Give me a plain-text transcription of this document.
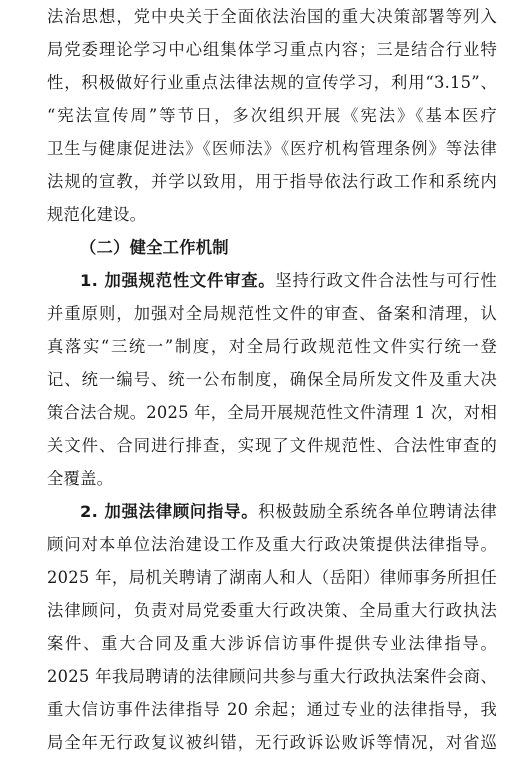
法治思想，党中央关于全面依法治国的重大决策部署等列入
局党委理论学习中心组集体学习重点内容；三是结合行业特
性，积极做好行业重点法律法规的宣传学习，利用“3.15”、
“宪法宣传周”等节日，多次组织开展《宪法》《基本医疗
卫生与健康促进法》《医师法》《医疗机构管理条例》等法律
法规的宣教，并学以致用，用于指导依法行政工作和系统内
规范化建设。
（二）健全工作机制
1. 加强规范性文件审查。坚持行政文件合法性与可行性
并重原则，加强对全局规范性文件的审查、备案和清理，认
真落实“三统一”制度，对全局行政规范性文件实行统一登
记、统一编号、统一公布制度，确保全局所发文件及重大决
策合法合规。2025 年，全局开展规范性文件清理 1 次，对相
关文件、合同进行排查，实现了文件规范性、合法性审查的
全覆盖。
2. 加强法律顾问指导。积极鼓励全系统各单位聘请法律
顾问对本单位法治建设工作及重大行政决策提供法律指导。
2025 年，局机关聘请了湖南人和人（岳阳）律师事务所担任
法律顾问，负责对局党委重大行政决策、全局重大行政执法
案件、重大合同及重大涉诉信访事件提供专业法律指导。
2025 年我局聘请的法律顾问共参与重大行政执法案件会商、
重大信访事件法律指导 20 余起；通过专业的法律指导，我
局全年无行政复议被纠错，无行政诉讼败诉等情况，对省巡
